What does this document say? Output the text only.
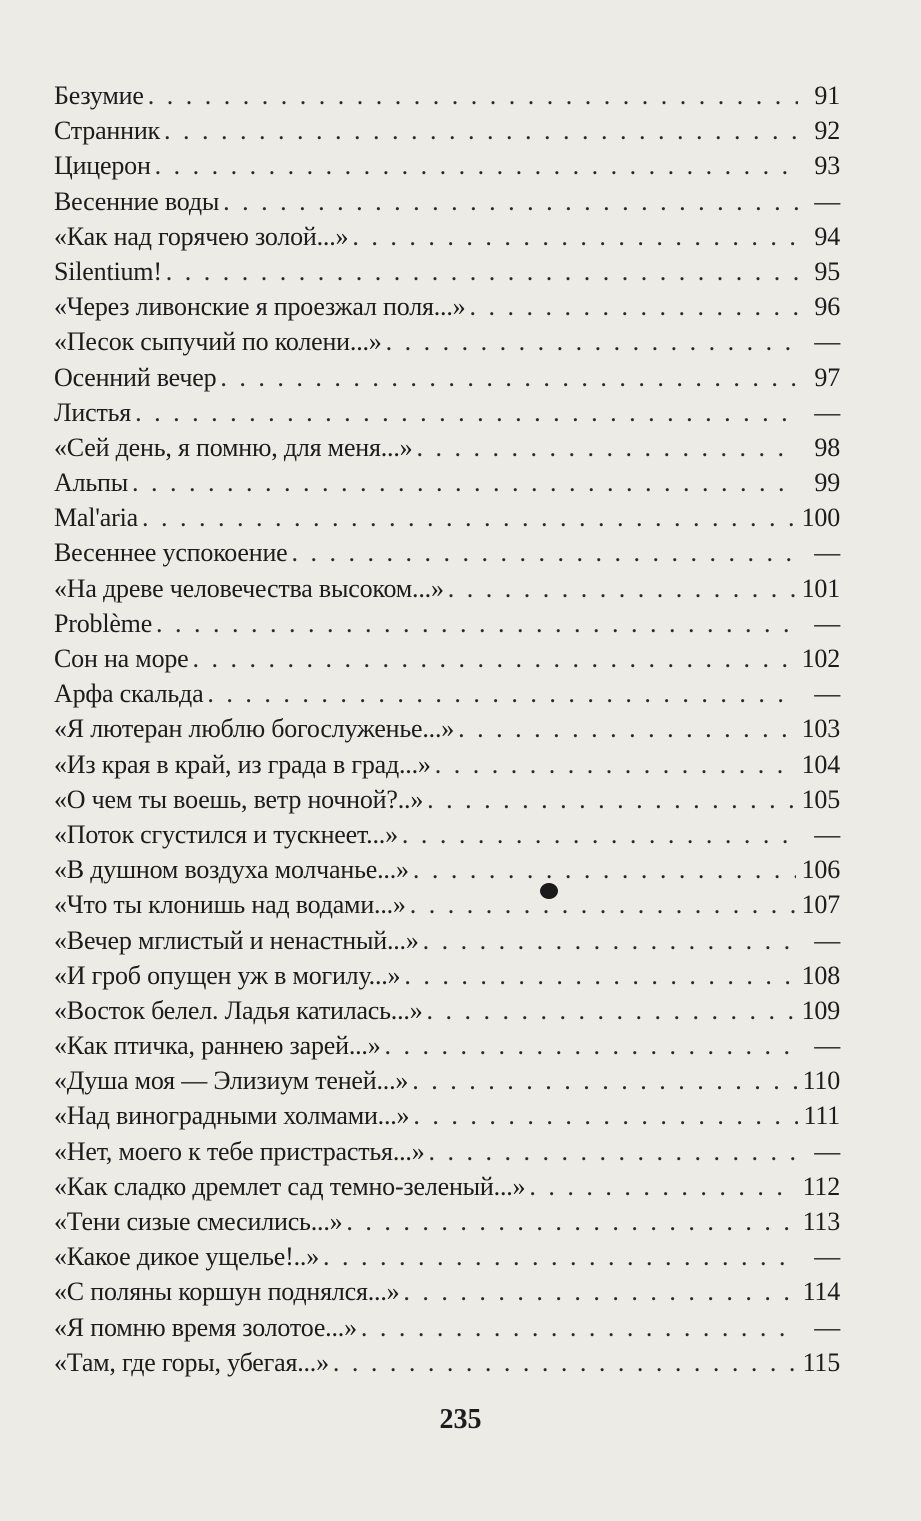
Безумие . . .	91
Странник . . .	92
Цицерон . . .	93
Весенние воды . . .	—
«Как над горячею золой...» . . .	94
Silentium! . . .	95
«Через ливонские я проезжал поля...» . . .	96
«Песок сыпучий по колени...» . . .	—
Осенний вечер . . .	97
Листья . . .	—
«Сей день, я помню, для меня...» . . .	98
Альпы . . .	99
Mal'aria . . .	100
Весеннее успокоение . . .	—
«На древе человечества высоком...» . . .	101
Problème . . .	—
Сон на море . . .	102
Арфа скальда . . .	—
«Я лютеран люблю богослуженье...» . . .	103
«Из края в край, из града в град...» . . .	104
«О чем ты воешь, ветр ночной?..» . . .	105
«Поток сгустился и тускнеет...» . . .	—
«В душном воздуха молчанье...» . . .	106
«Что ты клонишь над водами...» . . .	107
«Вечер мглистый и ненастный...» . . .	—
«И гроб опущен уж в могилу...» . . .	108
«Восток белел. Ладья катилась...» . . .	109
«Как птичка, раннею зарей...» . . .	—
«Душа моя — Элизиум теней...» . . .	110
«Над виноградными холмами...» . . .	111
«Нет, моего к тебе пристрастья...» . . .	—
«Как сладко дремлет сад темно-зеленый...» . . .	112
«Тени сизые смесились...» . . .	113
«Какое дикое ущелье!..» . . .	—
«С поляны коршун поднялся...» . . .	114
«Я помню время золотое...» . . .	—
«Там, где горы, убегая...» . . .	115
235
